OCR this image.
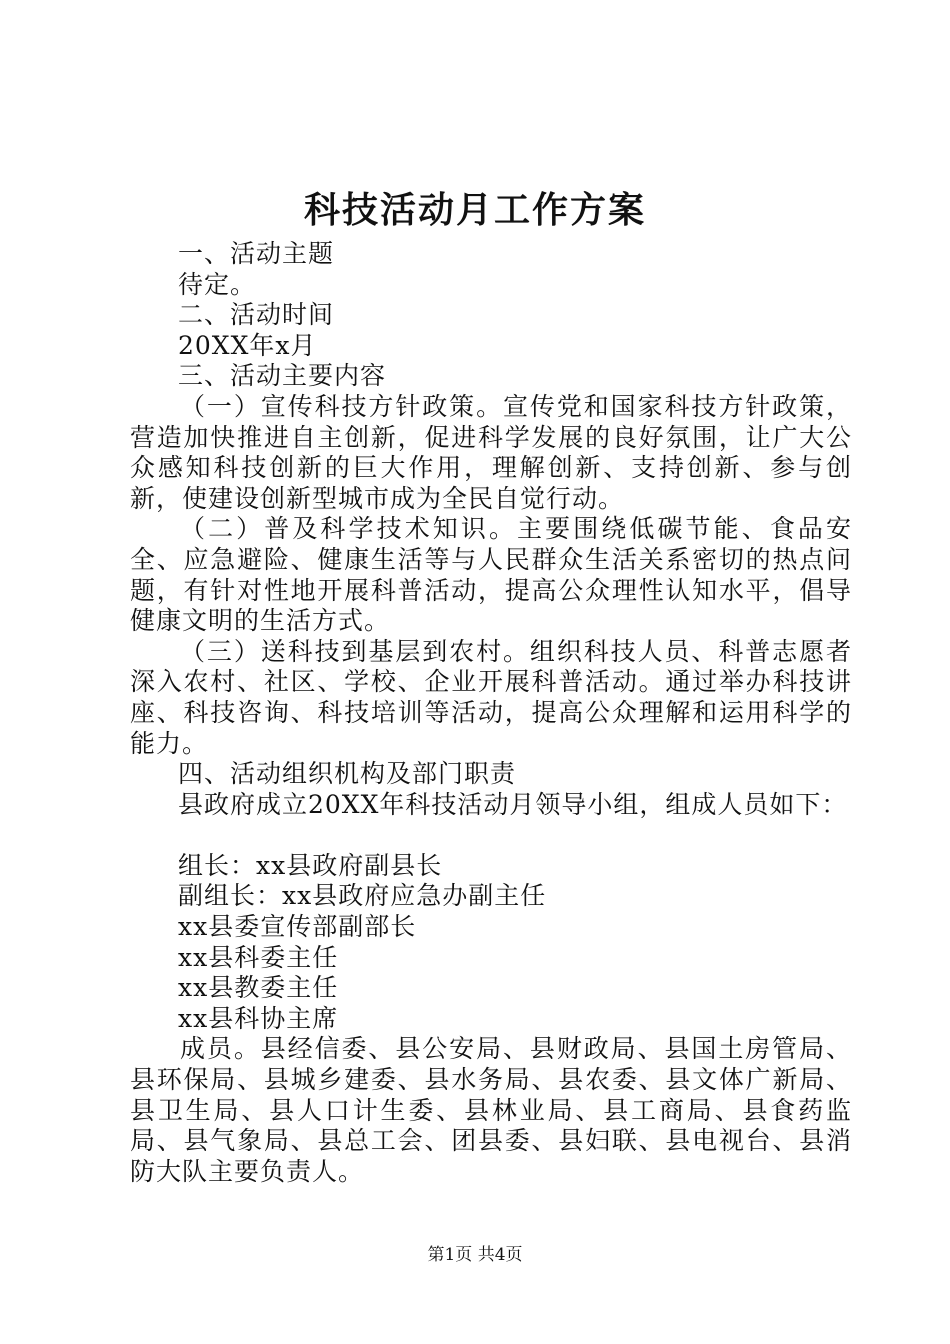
科技活动月工作方案

一、活动主题

待定。

二、活动时间

20XX年x月

三、活动主要内容

（一）宣传科技方针政策。宣传党和国家科技方针政策，营造加快推进自主创新，促进科学发展的良好氛围，让广大公众感知科技创新的巨大作用，理解创新、支持创新、参与创新，使建设创新型城市成为全民自觉行动。

（二）普及科学技术知识。主要围绕低碳节能、食品安全、应急避险、健康生活等与人民群众生活关系密切的热点问题，有针对性地开展科普活动，提高公众理性认知水平，倡导健康文明的生活方式。

（三）送科技到基层到农村。组织科技人员、科普志愿者深入农村、社区、学校、企业开展科普活动。通过举办科技讲座、科技咨询、科技培训等活动，提高公众理解和运用科学的能力。

四、活动组织机构及部门职责

县政府成立20XX年科技活动月领导小组，组成人员如下：

组长：xx县政府副县长

副组长：xx县政府应急办副主任

xx县委宣传部副部长

xx县科委主任

xx县教委主任

xx县科协主席

成员。县经信委、县公安局、县财政局、县国土房管局、县环保局、县城乡建委、县水务局、县农委、县文体广新局、县卫生局、县人口计生委、县林业局、县工商局、县食药监局、县气象局、县总工会、团县委、县妇联、县电视台、县消防大队主要负责人。

第1页 共4页
